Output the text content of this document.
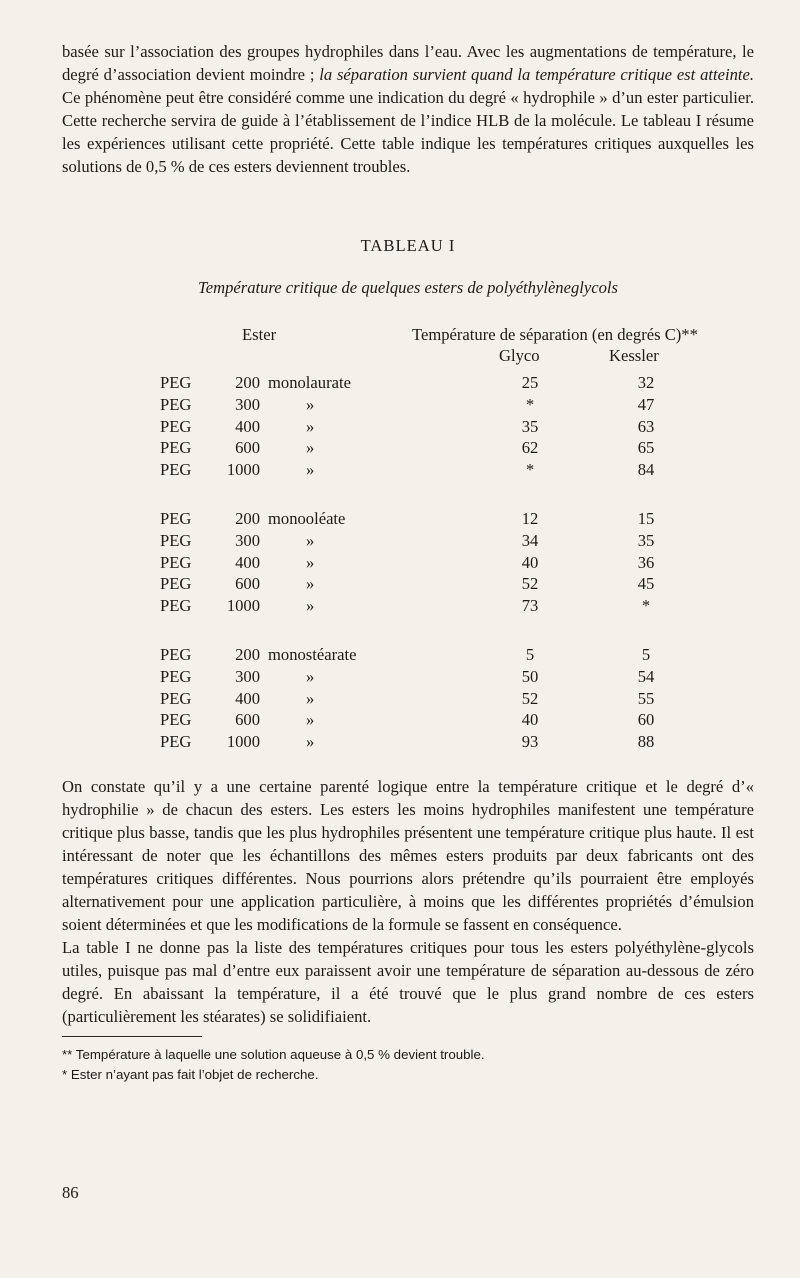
basée sur l’association des groupes hydrophiles dans l’eau. Avec les augmentations de température, le degré d’association devient moindre ; la séparation survient quand la température critique est atteinte. Ce phénomène peut être considéré comme une indication du degré « hydrophile » d’un ester particulier. Cette recherche servira de guide à l’établissement de l’indice HLB de la molécule. Le tableau I résume les expériences utilisant cette propriété. Cette table indique les températures critiques auxquelles les solutions de 0,5 % de ces esters deviennent troubles.

TABLEAU I
Température critique de quelques esters de polyéthylèneglycols
Ester	Température de séparation (en degrés C)**
Glyco	Kessler
PEG	200 monolaurate	25	32
PEG	300	»	*	47
PEG	400	»	35	63
PEG	600	»	62	65
PEG	1000	»	*	84
PEG	200 monooléate	12	15
PEG	300	»	34	35
PEG	400	»	40	36
PEG	600	»	52	45
PEG	1000	»	73	*
PEG	200 monostéarate	5	5
PEG	300	»	50	54
PEG	400	»	52	55
PEG	600	»	40	60
PEG	1000	»	93	88

On constate qu’il y a une certaine parenté logique entre la température critique et le degré d’« hydrophilie » de chacun des esters. Les esters les moins hydrophiles manifestent une température critique plus basse, tandis que les plus hydrophiles présentent une température critique plus haute. Il est intéressant de noter que les échantillons des mêmes esters produits par deux fabricants ont des températures critiques différentes. Nous pourrions alors prétendre qu’ils pourraient être employés alternativement pour une application particulière, à moins que les différentes propriétés d’émulsion soient déterminées et que les modifications de la formule se fassent en conséquence.

La table I ne donne pas la liste des températures critiques pour tous les esters polyéthylène-glycols utiles, puisque pas mal d’entre eux paraissent avoir une température de séparation au-dessous de zéro degré. En abaissant la température, il a été trouvé que le plus grand nombre de ces esters (particulièrement les stéarates) se solidifiaient.

** Température à laquelle une solution aqueuse à 0,5 % devient trouble.

* Ester n’ayant pas fait l’objet de recherche.

86
